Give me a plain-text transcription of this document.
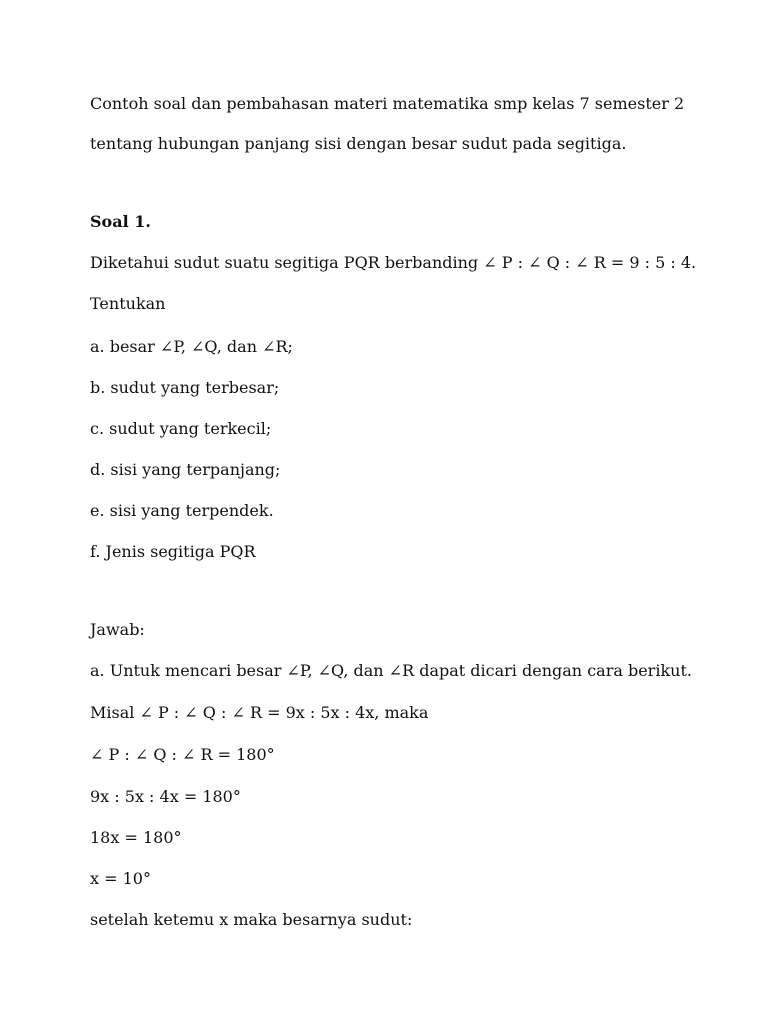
Contoh soal dan pembahasan materi matematika smp kelas 7 semester 2
tentang hubungan panjang sisi dengan besar sudut pada segitiga.
Soal 1.
Diketahui sudut suatu segitiga PQR berbanding ∠ P : ∠ Q : ∠ R = 9 : 5 : 4.
Tentukan
a. besar ∠P, ∠Q, dan ∠R;
b. sudut yang terbesar;
c. sudut yang terkecil;
d. sisi yang terpanjang;
e. sisi yang terpendek.
f. Jenis segitiga PQR
Jawab:
a. Untuk mencari besar ∠P, ∠Q, dan ∠R dapat dicari dengan cara berikut.
Misal ∠ P : ∠ Q : ∠ R = 9x : 5x : 4x, maka
∠ P : ∠ Q : ∠ R = 180°
9x : 5x : 4x = 180°
18x = 180°
x = 10°
setelah ketemu x maka besarnya sudut:
